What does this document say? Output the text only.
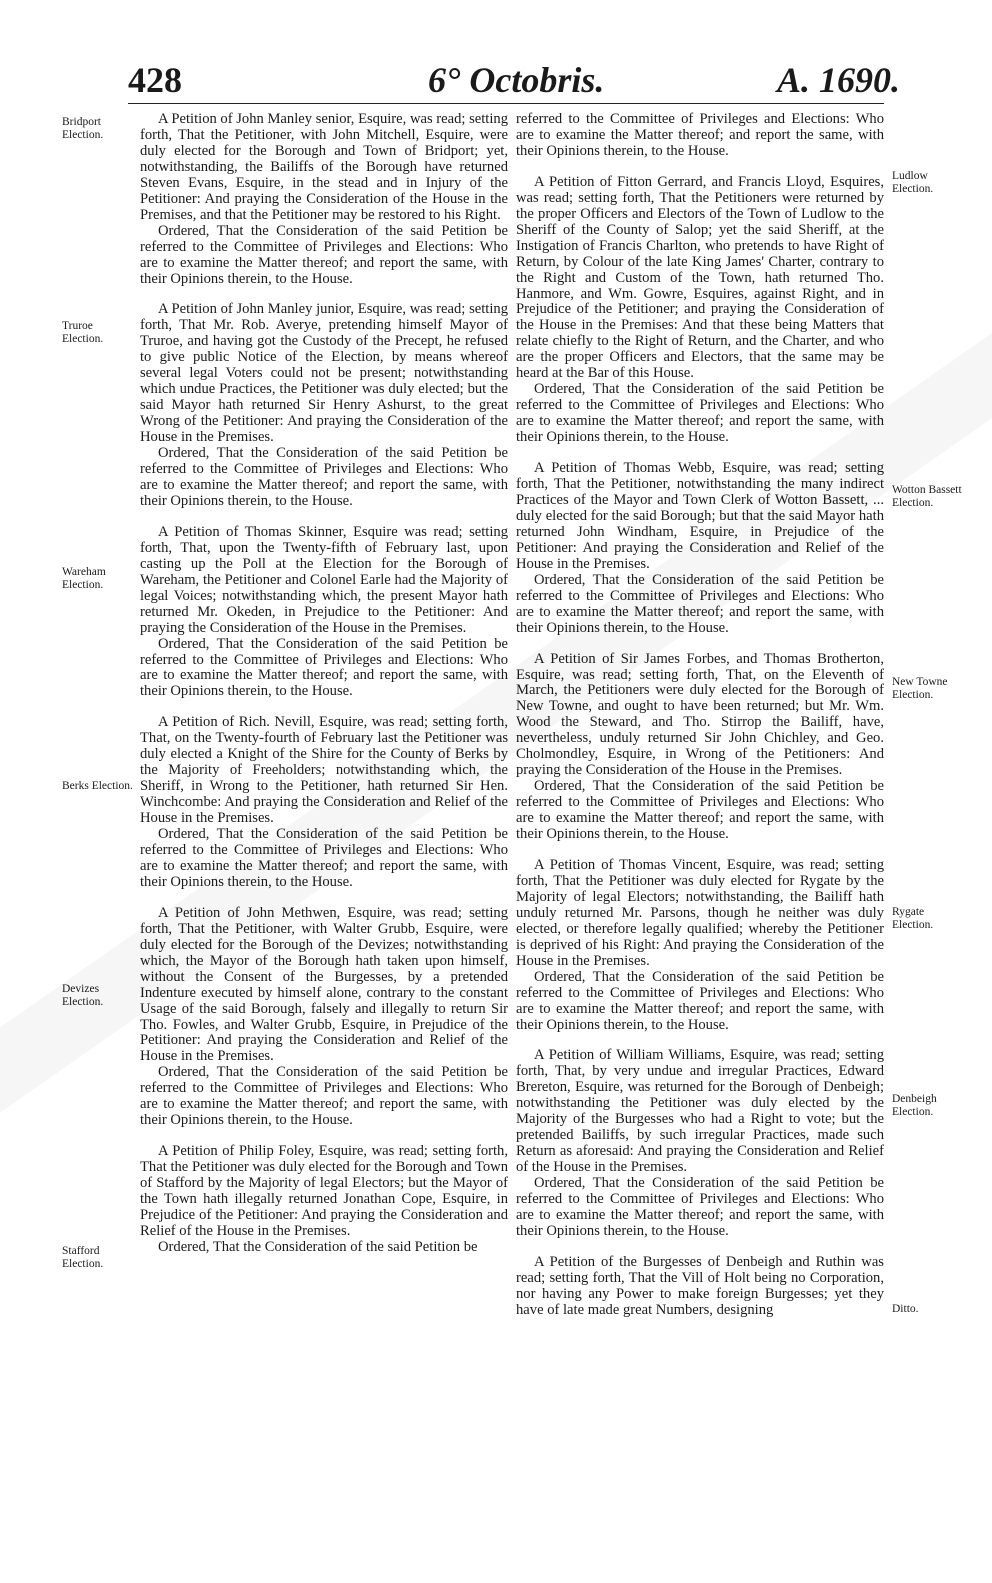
428	6° Octobris.	A. 1690.
Bridport Election.
Truroe Election.
Wareham Election.
Berks Election.
Devizes Election.
Stafford Election.
Ludlow Election.
Wotton Bassett Election.
New Towne Election.
Rygate Election.
Denbeigh Election.
Ditto.

A Petition of John Manley senior, Esquire, was read; setting forth, That the Petitioner, with John Mitchell, Esquire, were duly elected for the Borough and Town of Bridport; yet, notwithstanding, the Bailiffs of the Borough have returned Steven Evans, Esquire, in the stead and in Injury of the Petitioner: And praying the Consideration of the House in the Premises, and that the Petitioner may be restored to his Right.

Ordered, That the Consideration of the said Petition be referred to the Committee of Privileges and Elections: Who are to examine the Matter thereof; and report the same, with their Opinions therein, to the House.

A Petition of John Manley junior, Esquire, was read; setting forth, That Mr. Rob. Averye, pretending himself Mayor of Truroe, and having got the Custody of the Precept, he refused to give public Notice of the Election, by means whereof several legal Voters could not be present; notwithstanding which undue Practices, the Petitioner was duly elected; but the said Mayor hath returned Sir Henry Ashurst, to the great Wrong of the Petitioner: And praying the Consideration of the House in the Premises.

Ordered, That the Consideration of the said Petition be referred to the Committee of Privileges and Elections: Who are to examine the Matter thereof; and report the same, with their Opinions therein, to the House.

A Petition of Thomas Skinner, Esquire was read; setting forth, That, upon the Twenty-fifth of February last, upon casting up the Poll at the Election for the Borough of Wareham, the Petitioner and Colonel Earle had the Majority of legal Voices; notwithstanding which, the present Mayor hath returned Mr. Okeden, in Prejudice to the Petitioner: And praying the Consideration of the House in the Premises.

Ordered, That the Consideration of the said Petition be referred to the Committee of Privileges and Elections: Who are to examine the Matter thereof; and report the same, with their Opinions therein, to the House.

A Petition of Rich. Nevill, Esquire, was read; setting forth, That, on the Twenty-fourth of February last the Petitioner was duly elected a Knight of the Shire for the County of Berks by the Majority of Freeholders; notwithstanding which, the Sheriff, in Wrong to the Petitioner, hath returned Sir Hen. Winchcombe: And praying the Consideration and Relief of the House in the Premises.

Ordered, That the Consideration of the said Petition be referred to the Committee of Privileges and Elections: Who are to examine the Matter thereof; and report the same, with their Opinions therein, to the House.

A Petition of John Methwen, Esquire, was read; setting forth, That the Petitioner, with Walter Grubb, Esquire, were duly elected for the Borough of the Devizes; notwithstanding which, the Mayor of the Borough hath taken upon himself, without the Consent of the Burgesses, by a pretended Indenture executed by himself alone, contrary to the constant Usage of the said Borough, falsely and illegally to return Sir Tho. Fowles, and Walter Grubb, Esquire, in Prejudice of the Petitioner: And praying the Consideration and Relief of the House in the Premises.

Ordered, That the Consideration of the said Petition be referred to the Committee of Privileges and Elections: Who are to examine the Matter thereof; and report the same, with their Opinions therein, to the House.

A Petition of Philip Foley, Esquire, was read; setting forth, That the Petitioner was duly elected for the Borough and Town of Stafford by the Majority of legal Electors; but the Mayor of the Town hath illegally returned Jonathan Cope, Esquire, in Prejudice of the Petitioner: And praying the Consideration and Relief of the House in the Premises.

Ordered, That the Consideration of the said Petition be

referred to the Committee of Privileges and Elections: Who are to examine the Matter thereof; and report the same, with their Opinions therein, to the House.

A Petition of Fitton Gerrard, and Francis Lloyd, Esquires, was read; setting forth, That the Petitioners were returned by the proper Officers and Electors of the Town of Ludlow to the Sheriff of the County of Salop; yet the said Sheriff, at the Instigation of Francis Charlton, who pretends to have Right of Return, by Colour of the late King James' Charter, contrary to the Right and Custom of the Town, hath returned Tho. Hanmore, and Wm. Gowre, Esquires, against Right, and in Prejudice of the Petitioner; and praying the Consideration of the House in the Premises: And that these being Matters that relate chiefly to the Right of Return, and the Charter, and who are the proper Officers and Electors, that the same may be heard at the Bar of this House.

Ordered, That the Consideration of the said Petition be referred to the Committee of Privileges and Elections: Who are to examine the Matter thereof; and report the same, with their Opinions therein, to the House.

A Petition of Thomas Webb, Esquire, was read; setting forth, That the Petitioner, notwithstanding the many indirect Practices of the Mayor and Town Clerk of Wotton Bassett, ... duly elected for the said Borough; but that the said Mayor hath returned John Windham, Esquire, in Prejudice of the Petitioner: And praying the Consideration and Relief of the House in the Premises.

Ordered, That the Consideration of the said Petition be referred to the Committee of Privileges and Elections: Who are to examine the Matter thereof; and report the same, with their Opinions therein, to the House.

A Petition of Sir James Forbes, and Thomas Brotherton, Esquire, was read; setting forth, That, on the Eleventh of March, the Petitioners were duly elected for the Borough of New Towne, and ought to have been returned; but Mr. Wm. Wood the Steward, and Tho. Stirrop the Bailiff, have, nevertheless, unduly returned Sir John Chichley, and Geo. Cholmondley, Esquire, in Wrong of the Petitioners: And praying the Consideration of the House in the Premises.

Ordered, That the Consideration of the said Petition be referred to the Committee of Privileges and Elections: Who are to examine the Matter thereof; and report the same, with their Opinions therein, to the House.

A Petition of Thomas Vincent, Esquire, was read; setting forth, That the Petitioner was duly elected for Rygate by the Majority of legal Electors; notwithstanding, the Bailiff hath unduly returned Mr. Parsons, though he neither was duly elected, or therefore legally qualified; whereby the Petitioner is deprived of his Right: And praying the Consideration of the House in the Premises.

Ordered, That the Consideration of the said Petition be referred to the Committee of Privileges and Elections: Who are to examine the Matter thereof; and report the same, with their Opinions therein, to the House.

A Petition of William Williams, Esquire, was read; setting forth, That, by very undue and irregular Practices, Edward Brereton, Esquire, was returned for the Borough of Denbeigh; notwithstanding the Petitioner was duly elected by the Majority of the Burgesses who had a Right to vote; but the pretended Bailiffs, by such irregular Practices, made such Return as aforesaid: And praying the Consideration and Relief of the House in the Premises.

Ordered, That the Consideration of the said Petition be referred to the Committee of Privileges and Elections: Who are to examine the Matter thereof; and report the same, with their Opinions therein, to the House.

A Petition of the Burgesses of Denbeigh and Ruthin was read; setting forth, That the Vill of Holt being no Corporation, nor having any Power to make foreign Burgesses; yet they have of late made great Numbers, designing
